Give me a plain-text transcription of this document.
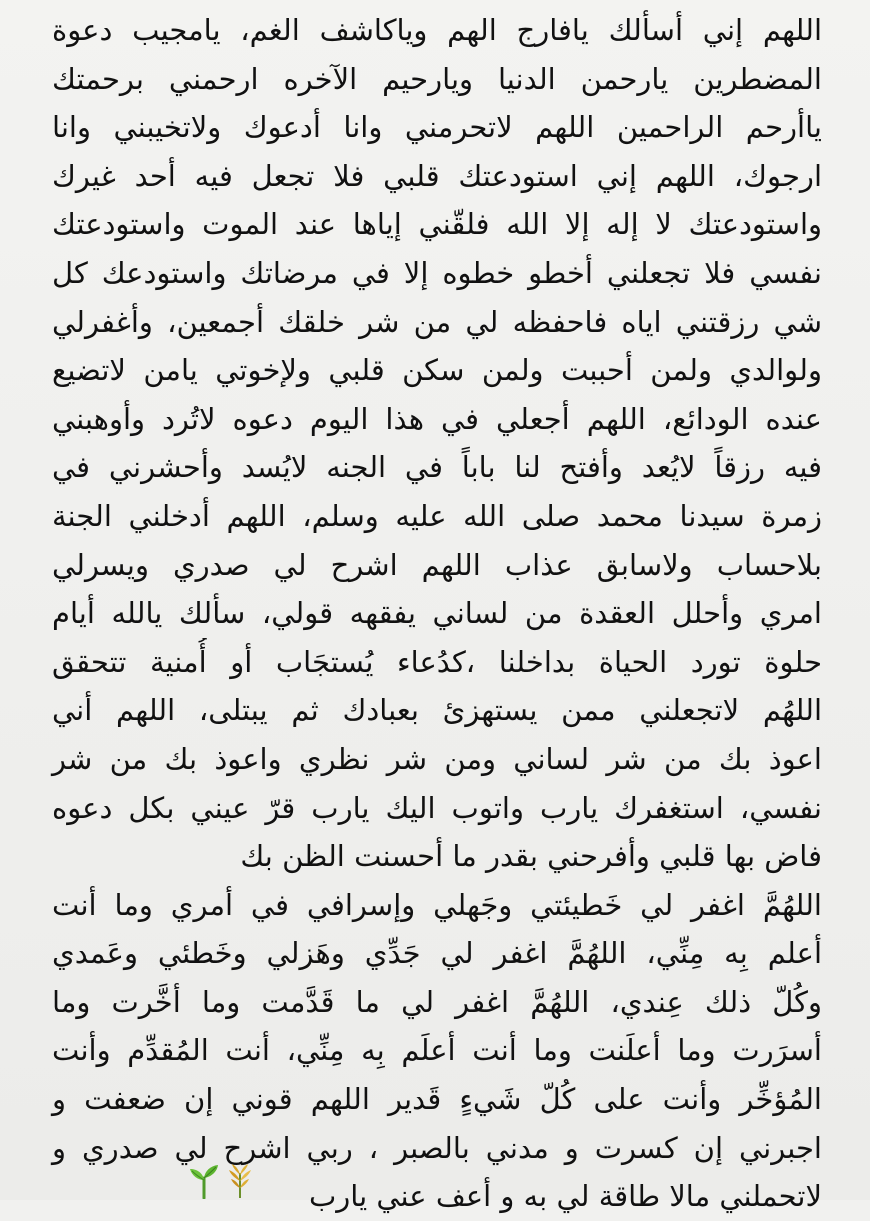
اللهم إني أسألك يافارج الهم وياكاشف الغم، يامجيب دعوة
المضطرين يارحمن الدنيا ويارحيم الآخره ارحمني برحمتك
ياأرحم الراحمين اللهم لاتحرمني وانا أدعوك ولاتخيبني وانا
ارجوك، اللهم إني استودعتك قلبي فلا تجعل فيه أحد غيرك
واستودعتك لا إله إلا الله فلقّني إياها عند الموت واستودعتك
نفسي فلا تجعلني أخطو خطوه إلا في مرضاتك واستودعك كل
شي رزقتني اياه فاحفظه لي من شر خلقك أجمعين، وأغفرلي
ولوالدي ولمن أحببت ولمن سكن قلبي ولإخوتي يامن لاتضيع
عنده الودائع، اللهم أجعلي في هذا اليوم دعوه لاتُرد وأوهبني
فيه رزقاً لايُعد وأفتح لنا باباً في الجنه لايُسد وأحشرني في
زمرة سيدنا محمد صلى الله عليه وسلم، اللهم أدخلني الجنة
بلاحساب ولاسابق عذاب اللهم اشرح لي صدري ويسرلي
امري وأحلل العقدة من لساني يفقهه قولي، سألك يالله أيام
حلوة تورد الحياة بداخلنا ،كدُعاء يُستجَاب أو أُمنية تتحقق
اللهُم لاتجعلني ممن يستهزئ بعبادك ثم يبتلى، اللهم أني
اعوذ بك من شر لساني ومن شر نظري واعوذ بك من شر
نفسي، استغفرك يارب واتوب اليك يارب قرّ عيني بكل دعوه
فاض بها قلبي وأفرحني بقدر ما أحسنت الظن بك
اللهُمَّ اغفر لي خَطيئتي وجَهلي وإسرافي في أمري وما أنت
أعلم بِه مِنِّي، اللهُمَّ اغفر لي جَدِّي وهَزلي وخَطئي وعَمدي
وكُلّ ذلك عِندي، اللهُمَّ اغفر لي ما قَدَّمت وما أخَّرت وما
أسرَرت وما أعلَنت وما أنت أعلَم بِه مِنِّي، أنت المُقدِّم وأنت
المُؤخِّر وأنت على كُلّ شَيءٍ قَدير اللهم قوني إن ضعفت و
اجبرني إن كسرت و مدني بالصبر ، ربي اشرح لي صدري و
لاتحملني مالا طاقة لي به و أعف عني يارب
